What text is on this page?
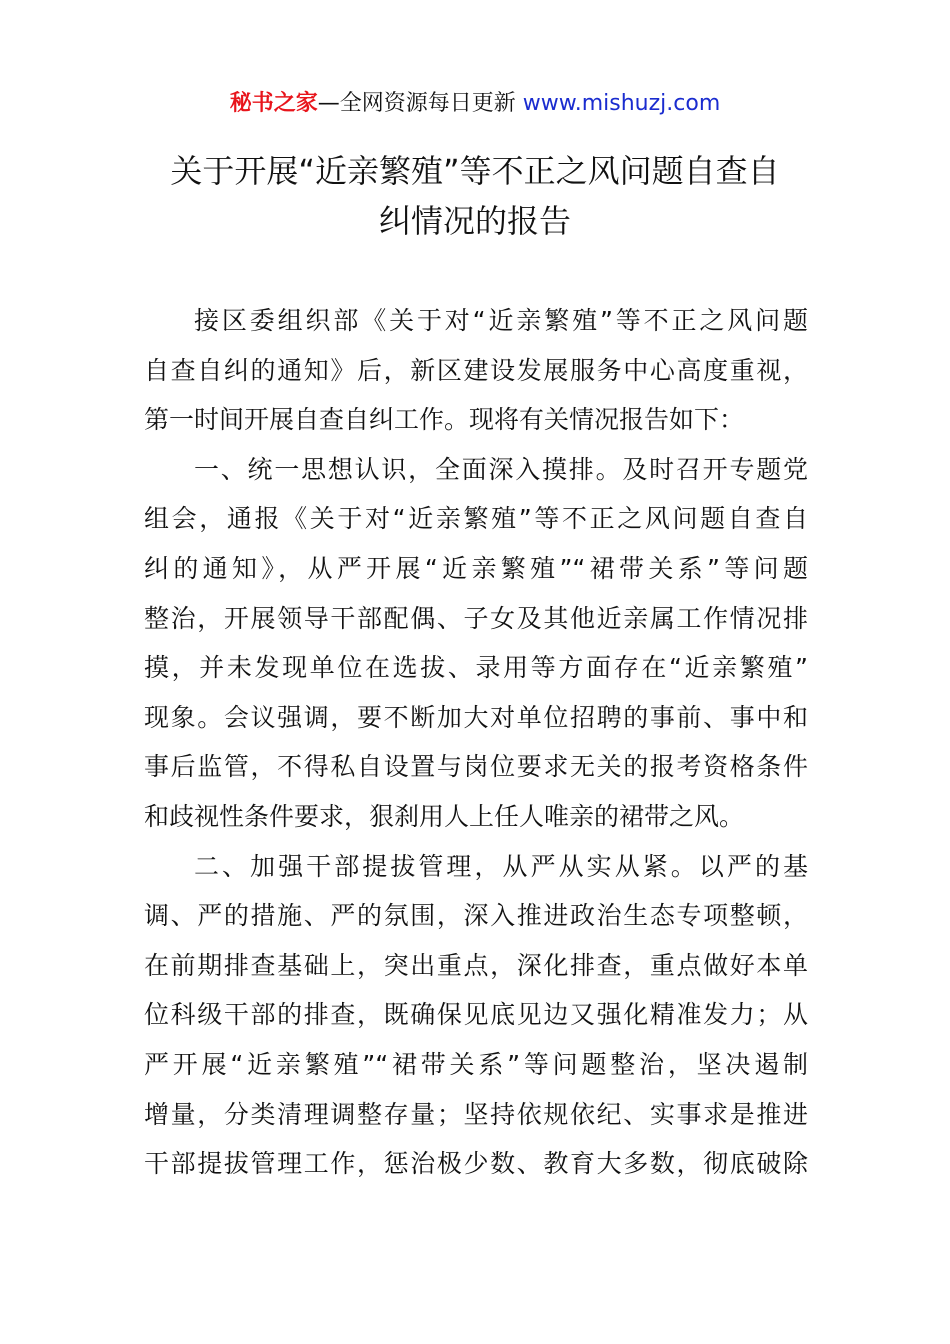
秘书之家—全网资源每日更新 www.mishuzj.com
关于开展“近亲繁殖”等不正之风问题自查自
纠情况的报告
接区委组织部《关于对“近亲繁殖”等不正之风问题
自查自纠的通知》后，新区建设发展服务中心高度重视，
第一时间开展自查自纠工作。现将有关情况报告如下：
一、统一思想认识，全面深入摸排。及时召开专题党
组会，通报《关于对“近亲繁殖”等不正之风问题自查自
纠的通知》，从严开展“近亲繁殖”“裙带关系”等问题
整治，开展领导干部配偶、子女及其他近亲属工作情况排
摸，并未发现单位在选拔、录用等方面存在“近亲繁殖”
现象。会议强调，要不断加大对单位招聘的事前、事中和
事后监管，不得私自设置与岗位要求无关的报考资格条件
和歧视性条件要求，狠刹用人上任人唯亲的裙带之风。
二、加强干部提拔管理，从严从实从紧。以严的基
调、严的措施、严的氛围，深入推进政治生态专项整顿，
在前期排查基础上，突出重点，深化排查，重点做好本单
位科级干部的排查，既确保见底见边又强化精准发力；从
严开展“近亲繁殖”“裙带关系”等问题整治，坚决遏制
增量，分类清理调整存量；坚持依规依纪、实事求是推进
干部提拔管理工作，惩治极少数、教育大多数，彻底破除
